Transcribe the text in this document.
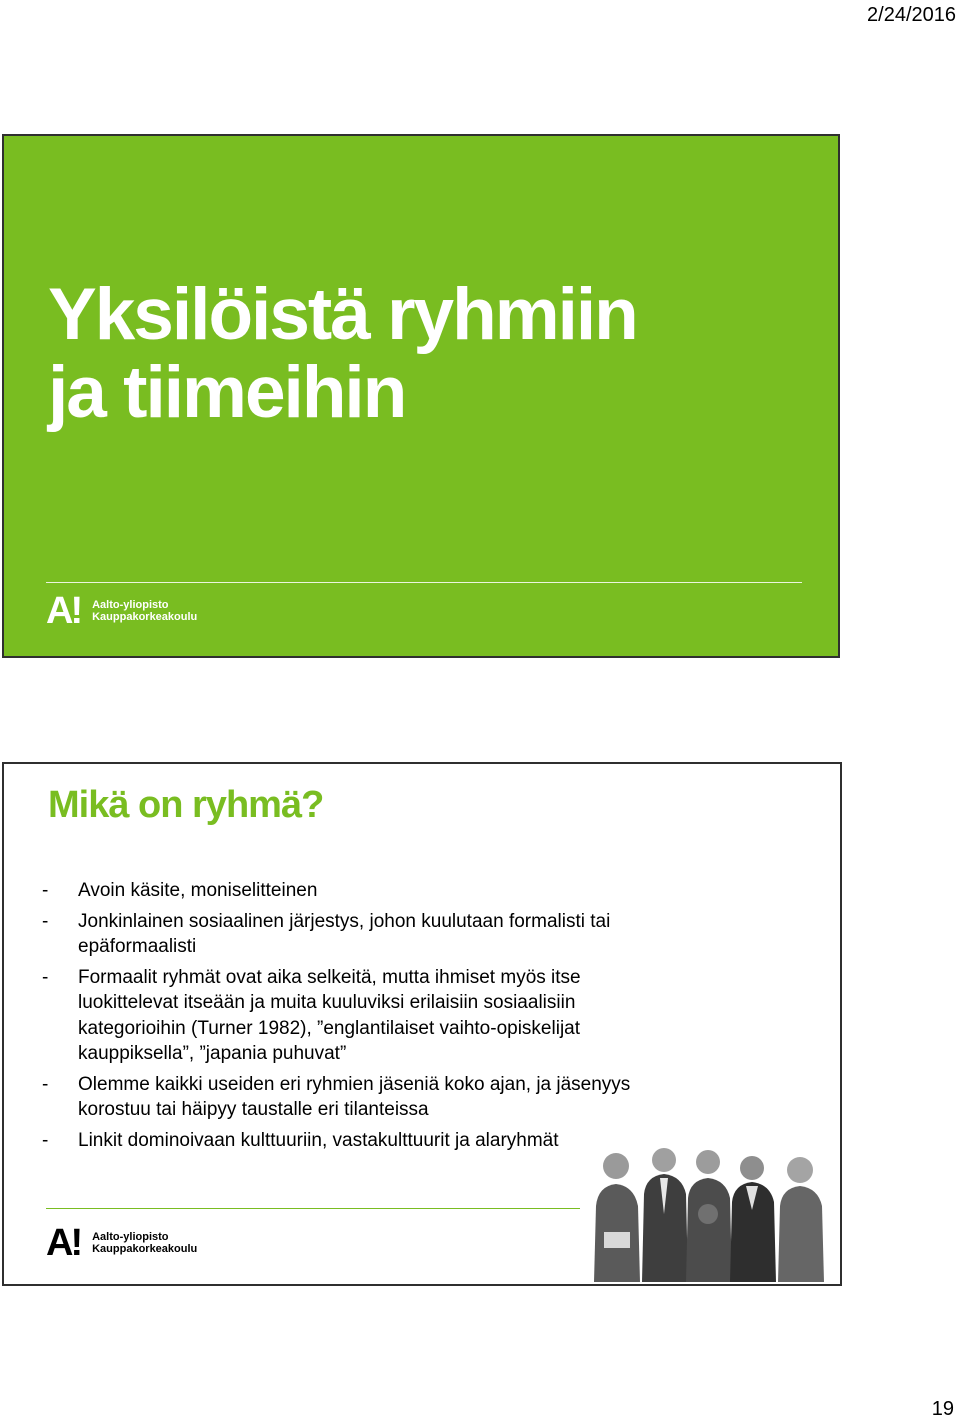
2/24/2016
Yksilöistä ryhmiin
ja tiimeihin
A! Aalto-yliopisto
Kauppakorkeakoulu
Mikä on ryhmä?
- Avoin käsite, moniselitteinen
- Jonkinlainen sosiaalinen järjestys, johon kuulutaan formalisti tai epäformaalisti
- Formaalit ryhmät ovat aika selkeitä, mutta ihmiset myös itse luokittelevat itseään ja muita kuuluviksi erilaisiin sosiaalisiin kategorioihin (Turner 1982), ”englantilaiset vaihto-opiskelijat kauppiksella”, ”japania puhuvat”
- Olemme kaikki useiden eri ryhmien jäseniä koko ajan, ja jäsenyys korostuu tai häipyy taustalle eri tilanteissa
- Linkit dominoivaan kulttuuriin, vastakulttuurit ja alaryhmät
A! Aalto-yliopisto
Kauppakorkeakoulu
19
